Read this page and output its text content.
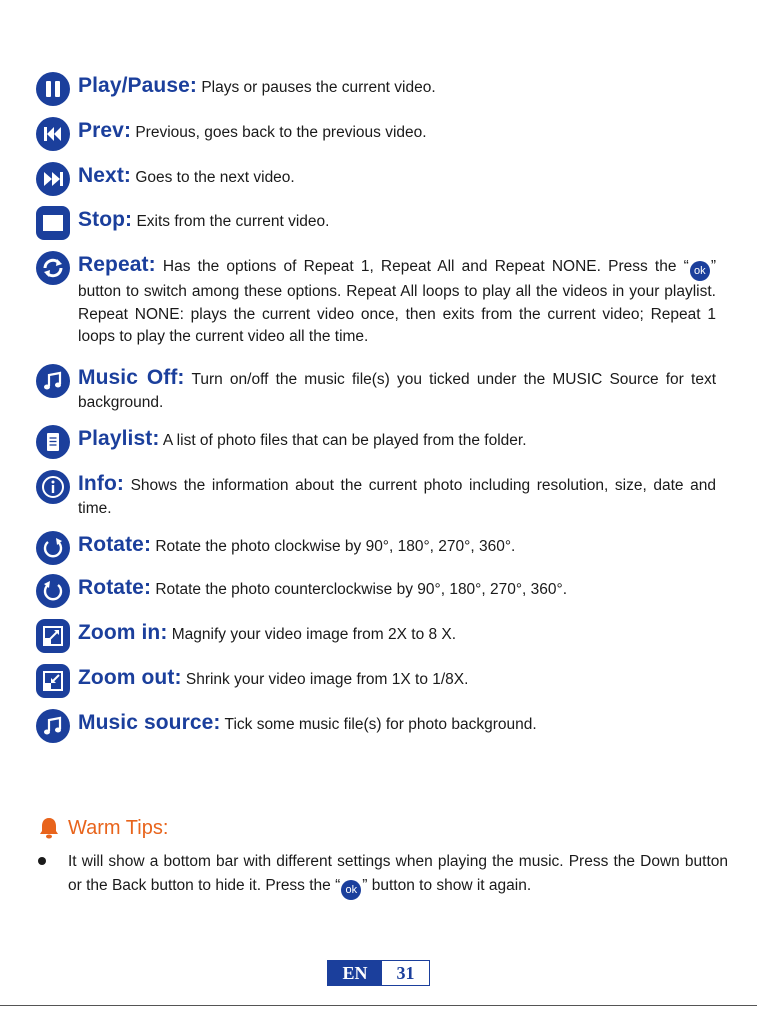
Play/Pause: Plays or pauses the current video.
Prev: Previous, goes back to the previous video.
Next: Goes to the next video.
Stop: Exits from the current video.
Repeat: Has the options of Repeat 1, Repeat All and Repeat NONE. Press the “ ok ” button to switch among these options. Repeat All loops to play all the videos in your playlist. Repeat NONE: plays the current video once, then exits from the current video; Repeat 1 loops to play the current video all the time.
Music Off: Turn on/off the music file(s) you ticked under the MUSIC Source for text background.
Playlist: A list of photo files that can be played from the folder.
Info: Shows the information about the current photo including resolution, size, date and time.
Rotate: Rotate the photo clockwise by 90°, 180°, 270°, 360°.
Rotate: Rotate the photo counterclockwise by 90°, 180°, 270°, 360°.
Zoom in: Magnify your video image from 2X to 8 X.
Zoom out: Shrink your video image from 1X to 1/8X.
Music source: Tick some music file(s) for photo background.
Warm Tips:
It will show a bottom bar with different settings when playing the music. Press the Down button or the Back button to hide it. Press the “ ok ” button to show it again.
EN	31
